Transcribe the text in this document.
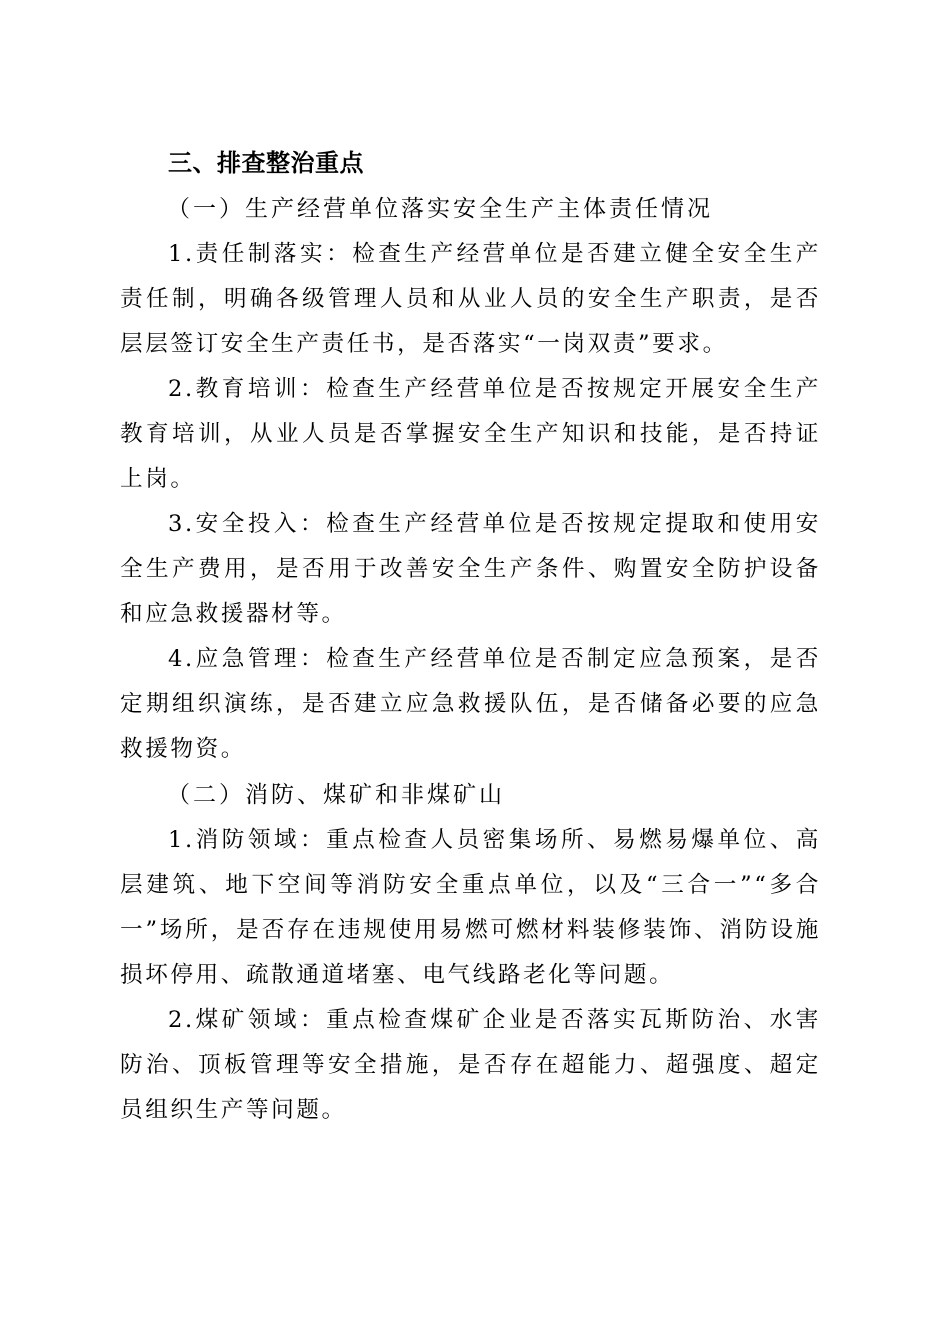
三、排查整治重点

（一）生产经营单位落实安全生产主体责任情况

1.责任制落实：检查生产经营单位是否建立健全安全生产责任制，明确各级管理人员和从业人员的安全生产职责，是否层层签订安全生产责任书，是否落实“一岗双责”要求。

2.教育培训：检查生产经营单位是否按规定开展安全生产教育培训，从业人员是否掌握安全生产知识和技能，是否持证上岗。

3.安全投入：检查生产经营单位是否按规定提取和使用安全生产费用，是否用于改善安全生产条件、购置安全防护设备和应急救援器材等。

4.应急管理：检查生产经营单位是否制定应急预案，是否定期组织演练，是否建立应急救援队伍，是否储备必要的应急救援物资。

（二）消防、煤矿和非煤矿山

1.消防领域：重点检查人员密集场所、易燃易爆单位、高层建筑、地下空间等消防安全重点单位，以及“三合一”“多合一”场所，是否存在违规使用易燃可燃材料装修装饰、消防设施损坏停用、疏散通道堵塞、电气线路老化等问题。

2.煤矿领域：重点检查煤矿企业是否落实瓦斯防治、水害防治、顶板管理等安全措施，是否存在超能力、超强度、超定员组织生产等问题。
